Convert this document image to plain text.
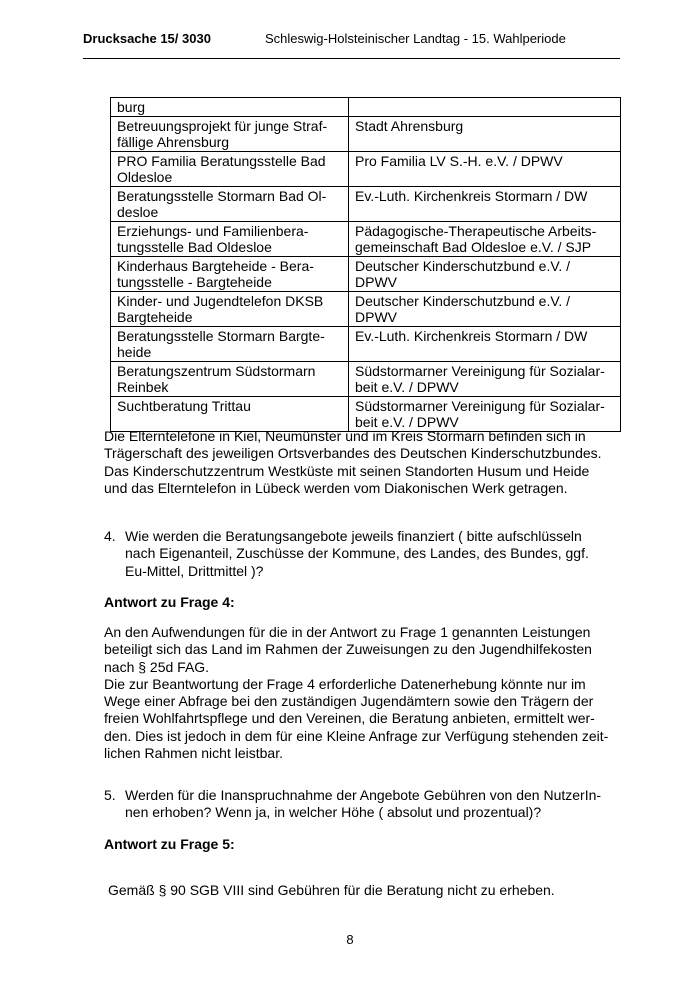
Drucksache 15/ 3030	Schleswig-Holsteinischer Landtag - 15. Wahlperiode
burg	

Betreuungsprojekt für junge Straf-
fällige Ahrensburg	Stadt Ahrensburg

PRO Familia Beratungsstelle Bad
Oldesloe	Pro Familia LV S.-H. e.V. / DPWV

Beratungsstelle Stormarn Bad Ol-
desloe	Ev.-Luth. Kirchenkreis Stormarn / DW

Erziehungs- und Familienbera-
tungsstelle Bad Oldesloe	Pädagogische-Therapeutische Arbeits-
gemeinschaft Bad Oldesloe e.V. / SJP

Kinderhaus Bargteheide - Bera-
tungsstelle - Bargteheide	Deutscher Kinderschutzbund e.V. /
DPWV

Kinder- und Jugendtelefon DKSB
Bargteheide	Deutscher Kinderschutzbund e.V. /
DPWV

Beratungsstelle Stormarn Bargte-
heide	Ev.-Luth. Kirchenkreis Stormarn / DW

Beratungszentrum Südstormarn
Reinbek	Südstormarner Vereinigung für Sozialar-
beit e.V. / DPWV

Suchtberatung Trittau	Südstormarner Vereinigung für Sozialar-
beit e.V. / DPWV
Die Elterntelefone in Kiel, Neumünster und im Kreis Stormarn befinden sich in
Trägerschaft des jeweiligen Ortsverbandes des Deutschen Kinderschutzbundes.
Das Kinderschutzzentrum Westküste mit seinen Standorten Husum und Heide
und das Elterntelefon in Lübeck werden vom Diakonischen Werk getragen.
4. Wie werden die Beratungsangebote jeweils finanziert ( bitte aufschlüsseln
nach Eigenanteil, Zuschüsse der Kommune, des Landes, des Bundes, ggf.
Eu-Mittel, Drittmittel )?
Antwort zu Frage 4:
An den Aufwendungen für die in der Antwort zu Frage 1 genannten Leistungen
beteiligt sich das Land im Rahmen der Zuweisungen zu den Jugendhilfekosten
nach § 25d FAG.
Die zur Beantwortung der Frage 4 erforderliche Datenerhebung könnte nur im
Wege einer Abfrage bei den zuständigen Jugendämtern sowie den Trägern der
freien Wohlfahrtspflege und den Vereinen, die Beratung anbieten, ermittelt wer-
den. Dies ist jedoch in dem für eine Kleine Anfrage zur Verfügung stehenden zeit-
lichen Rahmen nicht leistbar.
5. Werden für die Inanspruchnahme der Angebote Gebühren von den NutzerIn-
nen erhoben? Wenn ja, in welcher Höhe ( absolut und prozentual)?
Antwort zu Frage 5:
Gemäß § 90 SGB VIII sind Gebühren für die Beratung nicht zu erheben.
8
